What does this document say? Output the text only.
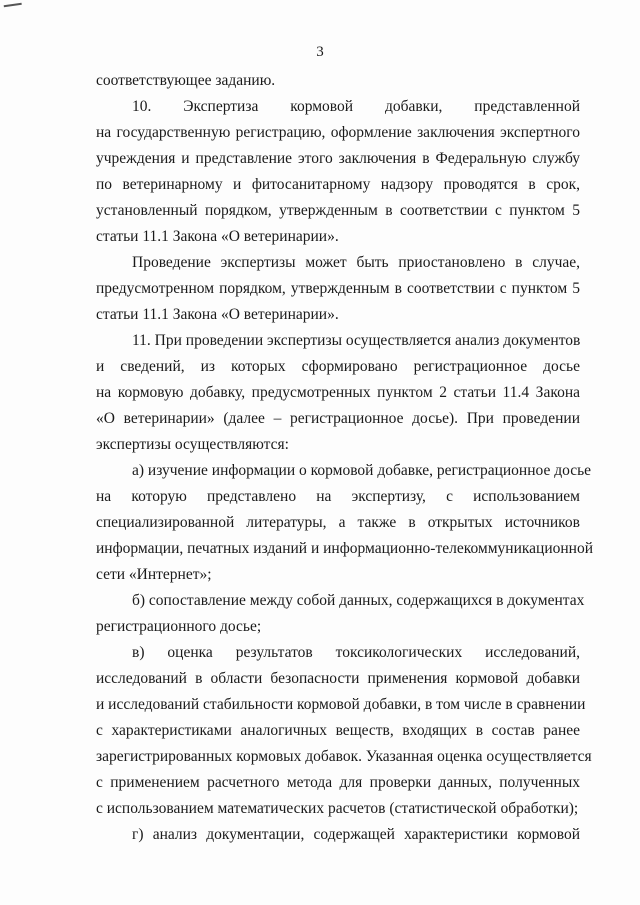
3
соответствующее заданию.
10. Экспертиза кормовой добавки, представленной
на государственную регистрацию, оформление заключения экспертного
учреждения и представление этого заключения в Федеральную службу
по ветеринарному и фитосанитарному надзору проводятся в срок,
установленный порядком, утвержденным в соответствии с пунктом 5
статьи 11.1 Закона «О ветеринарии».
Проведение экспертизы может быть приостановлено в случае,
предусмотренном порядком, утвержденным в соответствии с пунктом 5
статьи 11.1 Закона «О ветеринарии».
11. При проведении экспертизы осуществляется анализ документов
и сведений, из которых сформировано регистрационное досье
на кормовую добавку, предусмотренных пунктом 2 статьи 11.4 Закона
«О ветеринарии» (далее – регистрационное досье). При проведении
экспертизы осуществляются:
а) изучение информации о кормовой добавке, регистрационное досье
на которую представлено на экспертизу, с использованием
специализированной литературы, а также в открытых источников
информации, печатных изданий и информационно-телекоммуникационной
сети «Интернет»;
б) сопоставление между собой данных, содержащихся в документах
регистрационного досье;
в) оценка результатов токсикологических исследований,
исследований в области безопасности применения кормовой добавки
и исследований стабильности кормовой добавки, в том числе в сравнении
с характеристиками аналогичных веществ, входящих в состав ранее
зарегистрированных кормовых добавок. Указанная оценка осуществляется
с применением расчетного метода для проверки данных, полученных
с использованием математических расчетов (статистической обработки);
г) анализ документации, содержащей характеристики кормовой
